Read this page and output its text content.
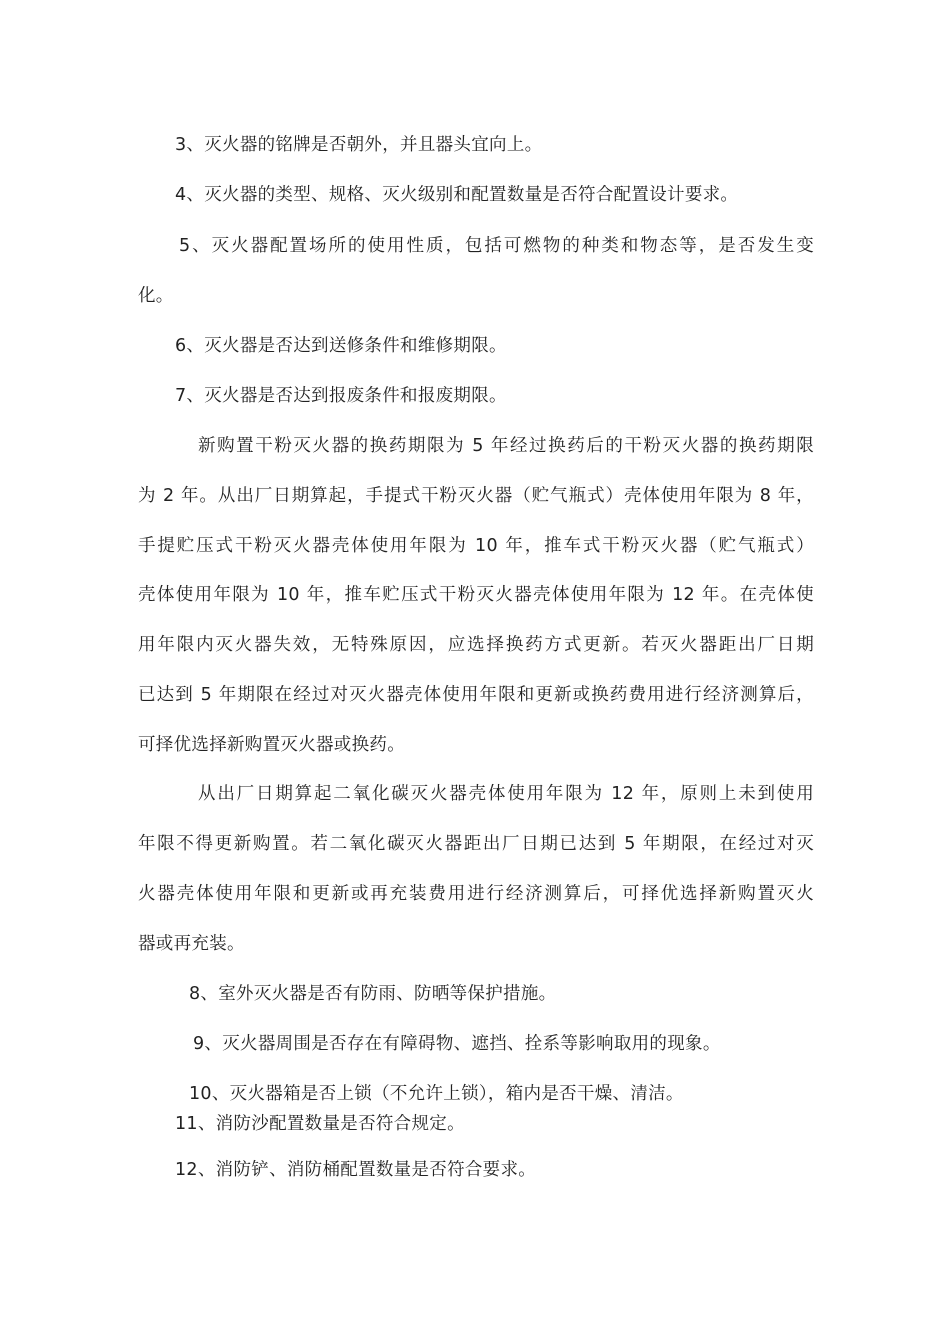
3、灭火器的铭牌是否朝外，并且器头宜向上。
4、灭火器的类型、规格、灭火级别和配置数量是否符合配置设计要求。
5、灭火器配置场所的使用性质，包括可燃物的种类和物态等，是否发生变
化。
6、灭火器是否达到送修条件和维修期限。
7、灭火器是否达到报废条件和报废期限。
新购置干粉灭火器的换药期限为 5 年经过换药后的干粉灭火器的换药期限
为 2 年。从出厂日期算起，手提式干粉灭火器（贮气瓶式）壳体使用年限为 8 年，
手提贮压式干粉灭火器壳体使用年限为 10 年，推车式干粉灭火器（贮气瓶式）
壳体使用年限为 10 年，推车贮压式干粉灭火器壳体使用年限为 12 年。在壳体使
用年限内灭火器失效，无特殊原因，应选择换药方式更新。若灭火器距出厂日期
已达到 5 年期限在经过对灭火器壳体使用年限和更新或换药费用进行经济测算后，
可择优选择新购置灭火器或换药。
从出厂日期算起二氧化碳灭火器壳体使用年限为 12 年，原则上未到使用
年限不得更新购置。若二氧化碳灭火器距出厂日期已达到 5 年期限，在经过对灭
火器壳体使用年限和更新或再充装费用进行经济测算后，可择优选择新购置灭火
器或再充装。
8、室外灭火器是否有防雨、防晒等保护措施。
9、灭火器周围是否存在有障碍物、遮挡、拴系等影响取用的现象。
10、灭火器箱是否上锁（不允许上锁），箱内是否干燥、清洁。
11、消防沙配置数量是否符合规定。
12、消防铲、消防桶配置数量是否符合要求。
